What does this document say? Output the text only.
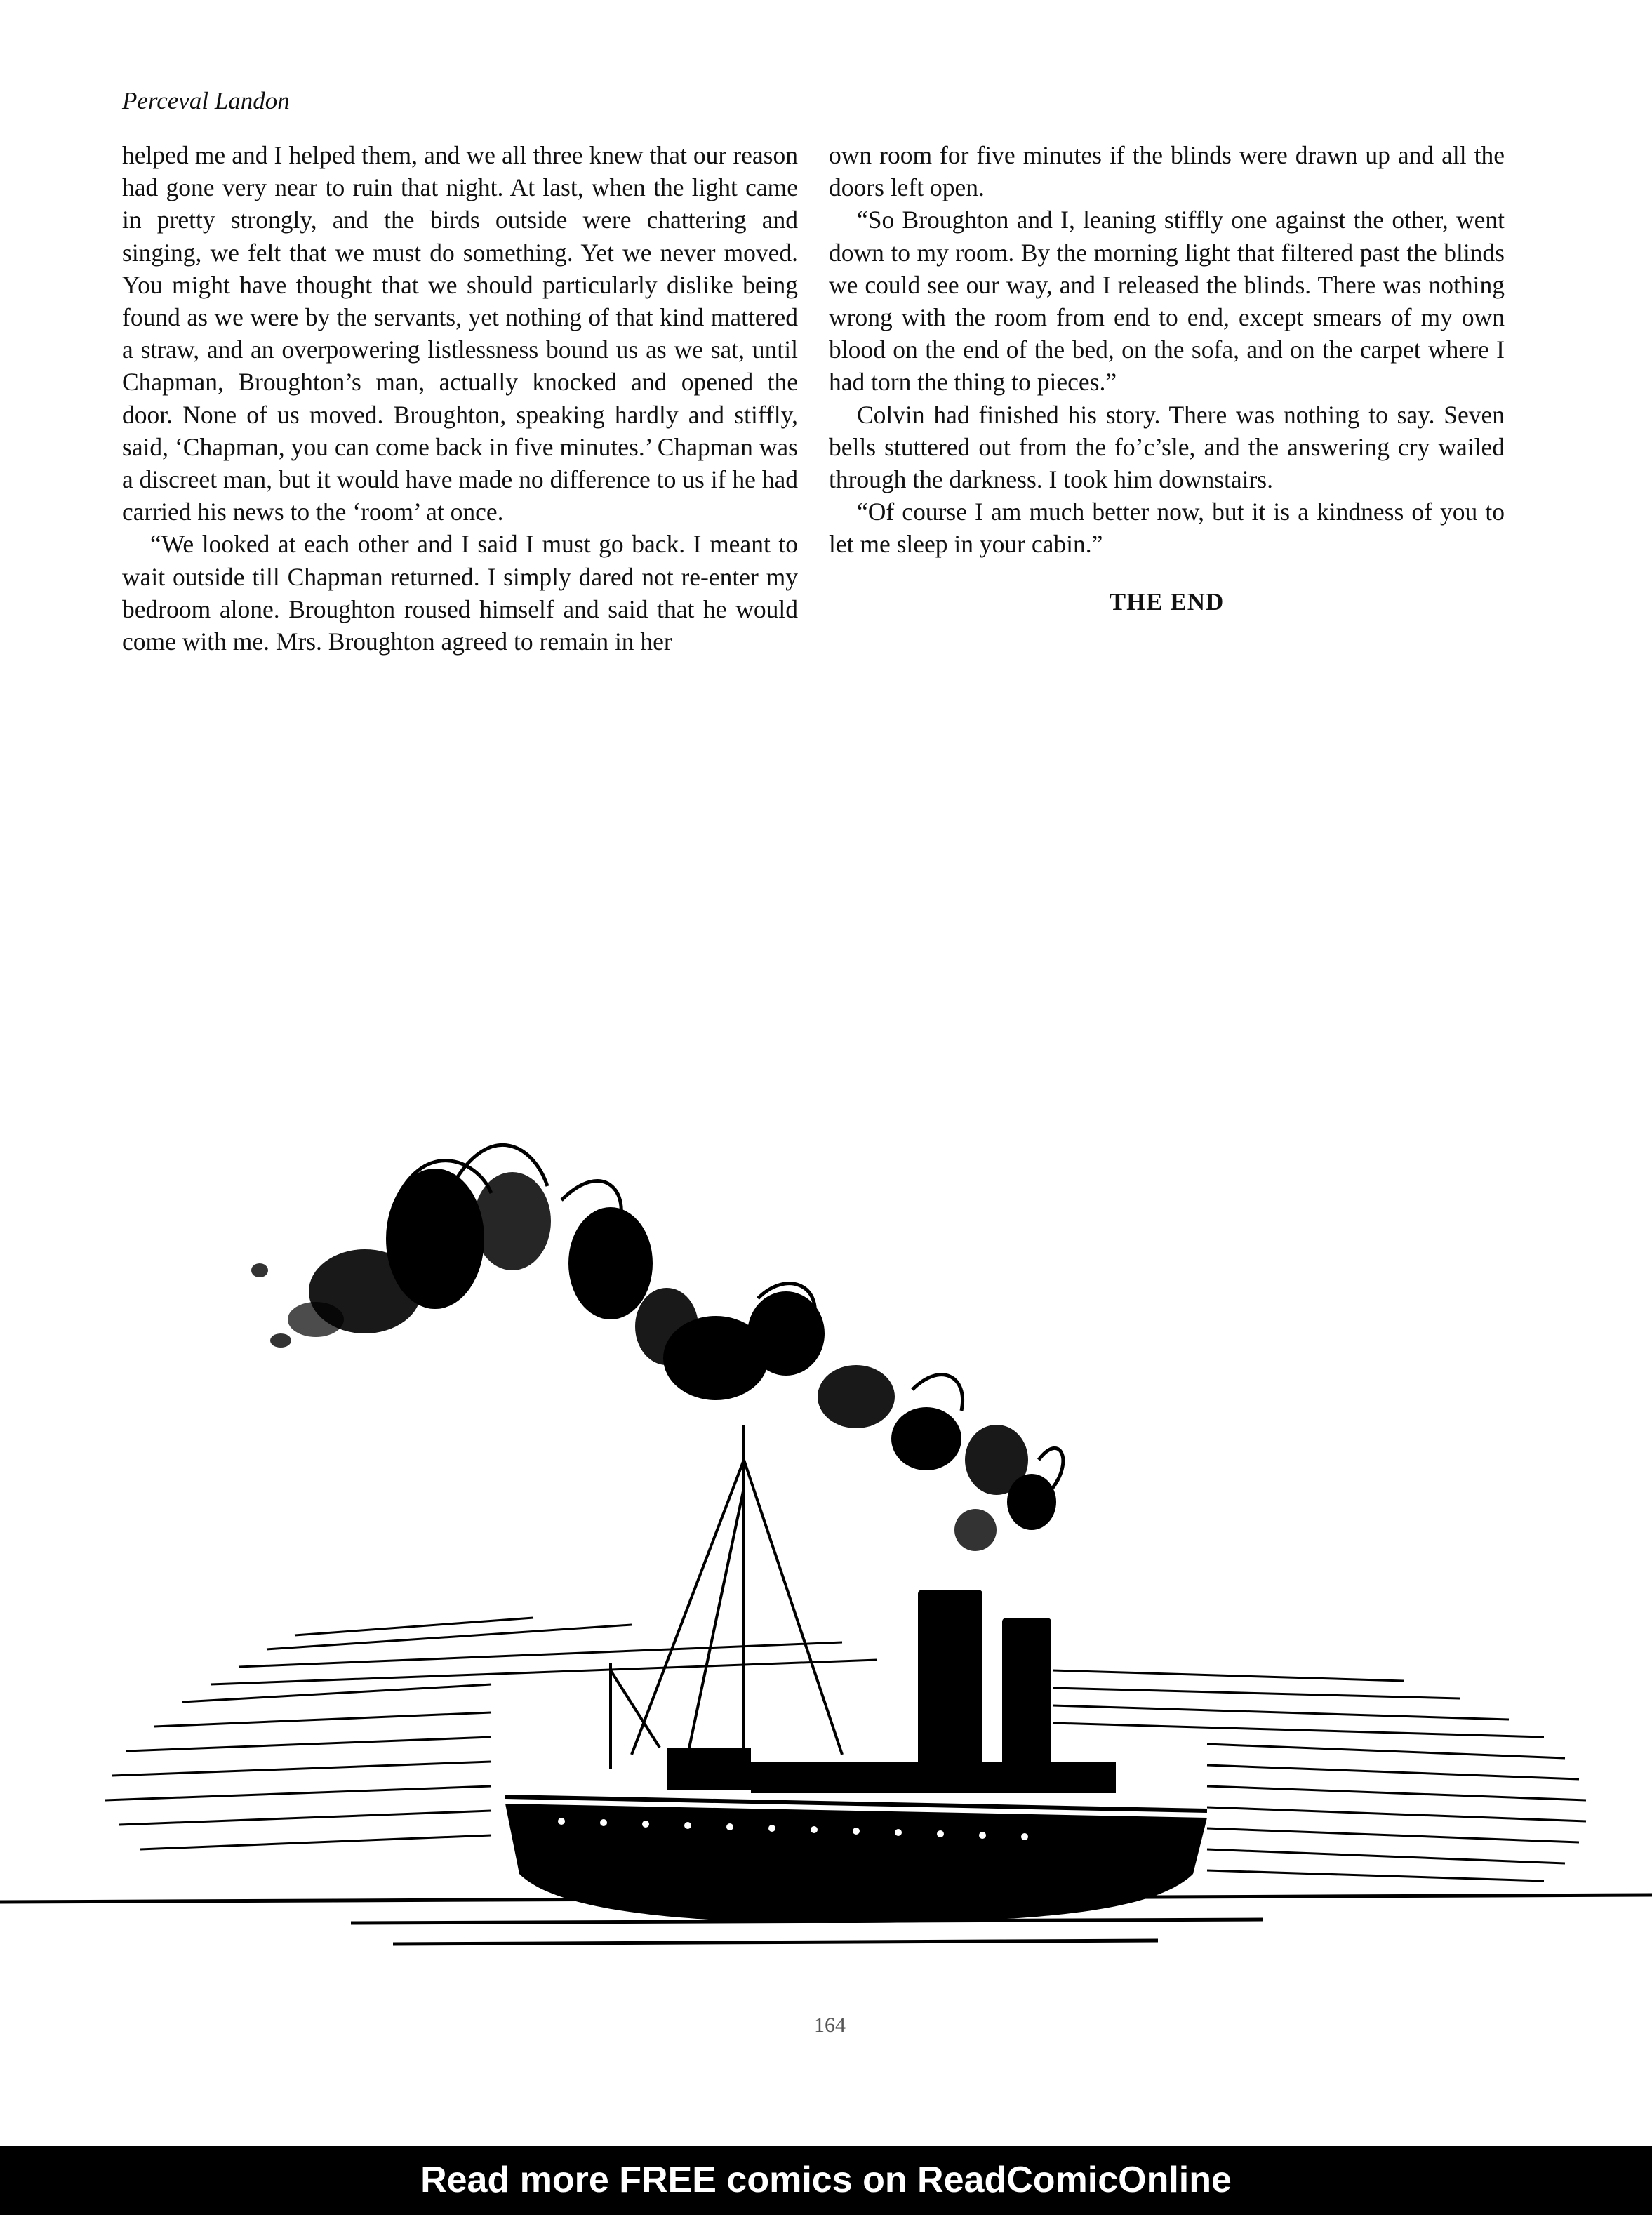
Perceval Landon

helped me and I helped them, and we all three knew that our reason had gone very near to ruin that night. At last, when the light came in pretty strongly, and the birds outside were chattering and singing, we felt that we must do something. Yet we never moved. You might have thought that we should particularly dislike being found as we were by the servants, yet nothing of that kind mattered a straw, and an overpowering listlessness bound us as we sat, until Chapman, Broughton’s man, actually knocked and opened the door. None of us moved. Broughton, speaking hardly and stiffly, said, ‘Chapman, you can come back in five minutes.’ Chapman was a discreet man, but it would have made no difference to us if he had carried his news to the ‘room’ at once.

“We looked at each other and I said I must go back. I meant to wait outside till Chapman returned. I simply dared not re-enter my bedroom alone. Broughton roused himself and said that he would come with me. Mrs. Broughton agreed to remain in her

own room for five minutes if the blinds were drawn up and all the doors left open.

“So Broughton and I, leaning stiffly one against the other, went down to my room. By the morning light that filtered past the blinds we could see our way, and I released the blinds. There was nothing wrong with the room from end to end, except smears of my own blood on the end of the bed, on the sofa, and on the carpet where I had torn the thing to pieces.”

Colvin had finished his story. There was nothing to say. Seven bells stuttered out from the fo’c’sle, and the answering cry wailed through the darkness. I took him downstairs.

“Of course I am much better now, but it is a kindness of you to let me sleep in your cabin.”

THE END
164
Read more FREE comics on ReadComicOnline
